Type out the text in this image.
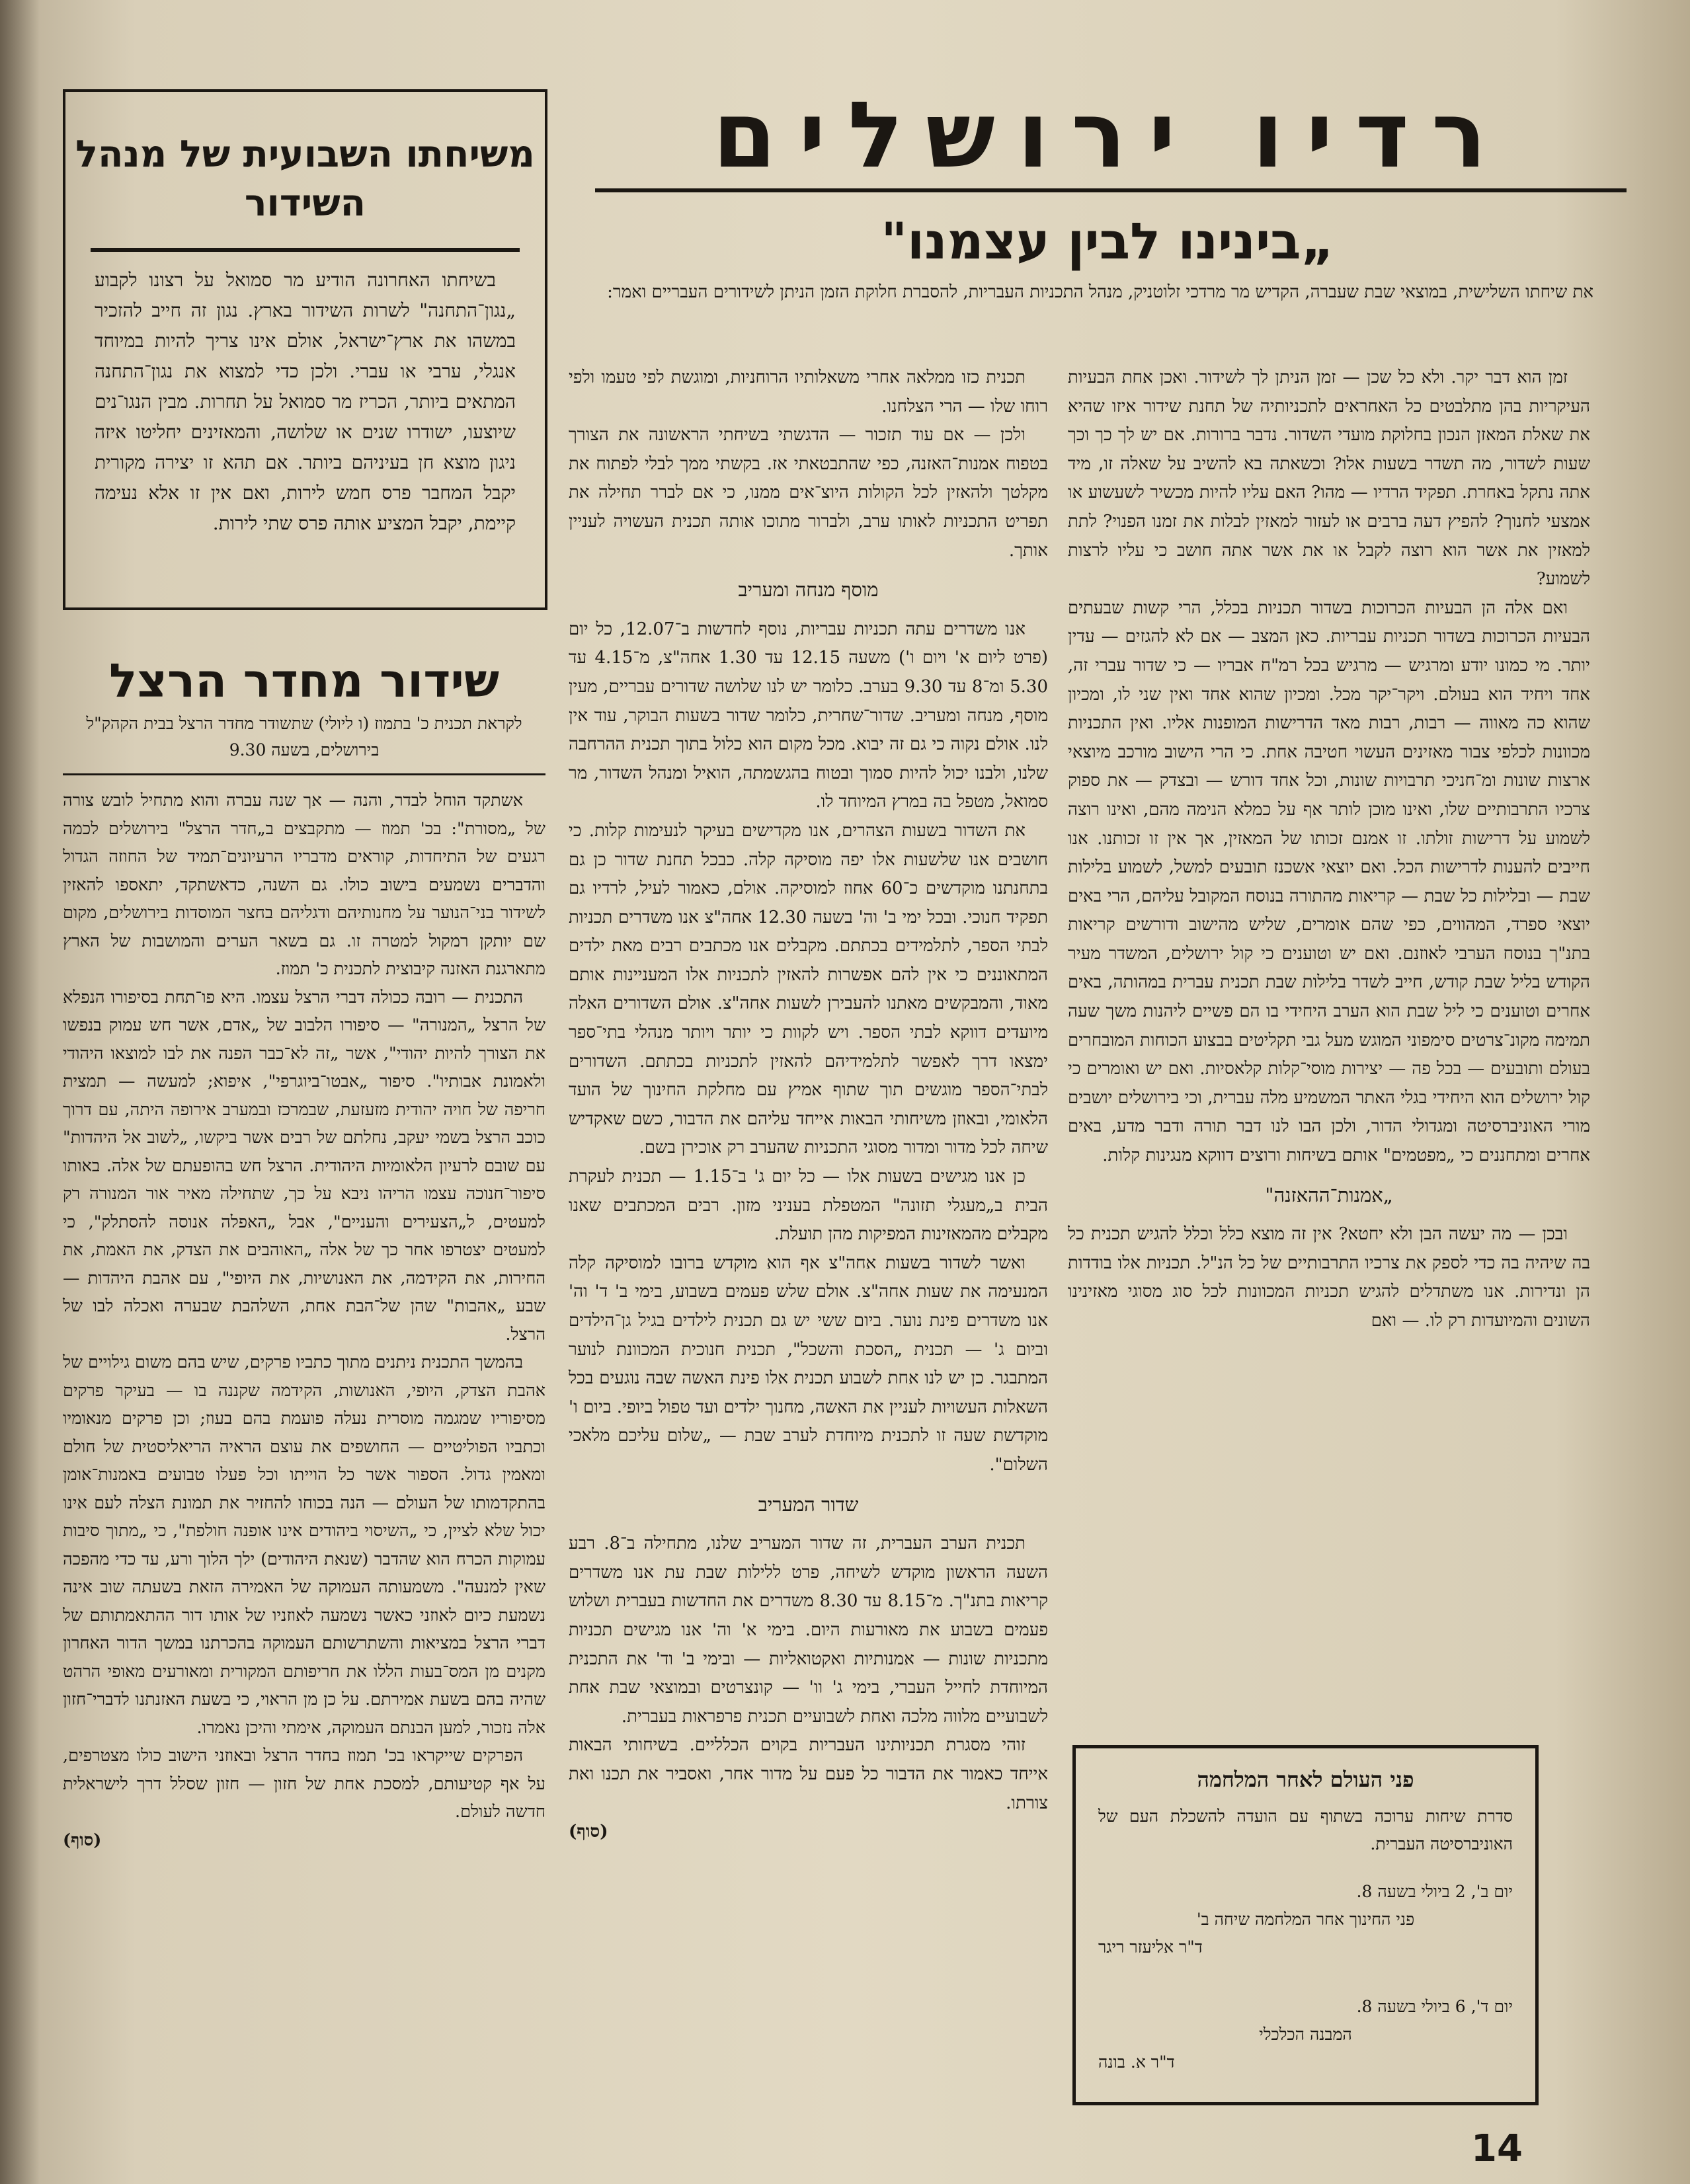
רדיו ירושלים
„בינינו לבין עצמנו"
את שיחתו השלישית, במוצאי שבת שעברה, הקדיש מר מרדכי זלוטניק, מנהל התכניות העבריות, להסברת חלוקת הזמן הניתן לשידורים העבריים ואמר:

זמן הוא דבר יקר. ולא כל שכן — זמן הניתן לך לשידור. ואכן אחת הבעיות העיקריות בהן מתלבטים כל האחראים לתכניותיה של תחנת שידור איזו שהיא את שאלת המאזן הנכון בחלוקת מועדי השדור. נדבר ברורות. אם יש לך כך וכך שעות לשדור, מה תשדר בשעות אלו? וכשאתה בא להשיב על שאלה זו, מיד אתה נתקל באחרת. תפקיד הרדיו — מהו? האם עליו להיות מכשיר לשעשוע או אמצעי לחנוך? להפיץ דעה ברבים או לעזור למאזין לבלות את זמנו הפנוי? לתת למאזין את אשר הוא רוצה לקבל או את אשר אתה חושב כי עליו לרצות לשמוע?

ואם אלה הן הבעיות הכרוכות בשדור תכניות בכלל, הרי קשות שבעתים הבעיות הכרוכות בשדור תכניות עבריות. כאן המצב — אם לא להגזים — עדין יותר. מי כמונו יודע ומרגיש — מרגיש בכל רמ"ח אבריו — כי שדור עברי זה, אחד ויחיד הוא בעולם. ויקר־יקר מכל. ומכיון שהוא אחד ואין שני לו, ומכיון שהוא כה מאווה — רבות, רבות מאד הדרישות המופנות אליו. ואין התכניות מכוונות לכלפי צבור מאזינים העשוי חטיבה אחת. כי הרי הישוב מורכב מיוצאי ארצות שונות ומ־חניכי תרבויות שונות, וכל אחד דורש — ובצדק — את ספוק צרכיו התרבותיים שלו, ואינו מוכן לותר אף על כמלא הנימה מהם, ואינו רוצה לשמוע על דרישות זולתו. זו אמנם זכותו של המאזין, אך אין זו זכותנו. אנו חייבים להענות לדרישות הכל. ואם יוצאי אשכנז תובעים למשל, לשמוע בלילות שבת — ובלילות כל שבת — קריאות מהתורה בנוסח המקובל עליהם, הרי באים יוצאי ספרד, המהווים, כפי שהם אומרים, שליש מהישוב ודורשים קריאות בתנ"ך בנוסח הערבי לאוזנם. ואם יש וטוענים כי קול ירושלים, המשדר מעיר הקודש בליל שבת קודש, חייב לשדר בלילות שבת תכנית עברית במהותה, באים אחרים וטוענים כי ליל שבת הוא הערב היחידי בו הם פשיים ליהנות משך שעה תמימה מקונ־צרטים סימפוני המוגש מעל גבי תקליטים בבצוע הכוחות המובחרים בעולם ותובעים — בכל פה — יצירות מוסי־קלות קלאסיות. ואם יש ואומרים כי קול ירושלים הוא היחידי בגלי האתר המשמיע מלה עברית, וכי בירושלים יושבים מורי האוניברסיטה ומגדולי הדור, ולכן הבו לנו דבר תורה ודבר מדע, באים אחרים ומתחננים כי „מפטמים" אותם בשיחות ורוצים דווקא מנגינות קלות.

„אמנות־ההאזנה"

ובכן — מה יעשה הבן ולא יחטא? אין זה מוצא כלל וכלל להגיש תכנית כל בה שיהיה בה כדי לספק את צרכיו התרבותיים של כל הנ"ל. תכניות אלו בודדות הן ונדירות. אנו משתדלים להגיש תכניות המכוונות לכל סוג מסוגי מאזינינו השונים והמיועדות רק לו. — ואם

תכנית כזו ממלאה אחרי משאלותיו הרוחניות, ומוגשת לפי טעמו ולפי רוחו שלו — הרי הצלחנו.

ולכן — אם עוד תזכור — הדגשתי בשיחתי הראשונה את הצורך בטפוח אמנות־האזנה, כפי שהתבטאתי אז. בקשתי ממך לבלי לפתוח את מקלטך ולהאזין לכל הקולות היוצ־אים ממנו, כי אם לברר תחילה את תפריט התכניות לאותו ערב, ולברור מתוכו אותה תכנית העשויה לעניין אותך.

מוסף מנחה ומעריב

אנו משדרים עתה תכניות עבריות, נוסף לחדשות ב־12.07, כל יום (פרט ליום א' ויום ו') משעה 12.15 עד 1.30 אחה"צ, מ־4.15 עד 5.30 ומ־8 עד 9.30 בערב. כלומר יש לנו שלושה שדורים עבריים, מעין מוסף, מנחה ומעריב. שדור־שחרית, כלומר שדור בשעות הבוקר, עוד אין לנו. אולם נקוה כי גם זה יבוא. מכל מקום הוא כלול בתוך תכנית ההרחבה שלנו, ולבנו יכול להיות סמוך ובטוח בהגשמתה, הואיל ומנהל השדור, מר סמואל, מטפל בה במרץ המיוחד לו.

את השדור בשעות הצהרים, אנו מקדישים בעיקר לנעימות קלות. כי חושבים אנו שלשעות אלו יפה מוסיקה קלה. כבכל תחנת שדור כן גם בתחנתנו מוקדשים כ־60 אחוז למוסיקה. אולם, כאמור לעיל, לרדיו גם תפקיד חנוכי. ובכל ימי ב' וה' בשעה 12.30 אחה"צ אנו משדרים תכניות לבתי הספר, לתלמידים בכתתם. מקבלים אנו מכתבים רבים מאת ילדים המתאוננים כי אין להם אפשרות להאזין לתכניות אלו המעניינות אותם מאוד, והמבקשים מאתנו להעבירן לשעות אחה"צ. אולם השדורים האלה מיועדים דווקא לבתי הספר. ויש לקוות כי יותר ויותר מנהלי בתי־ספר ימצאו דרך לאפשר לתלמידיהם להאזין לתכניות בכתתם. השדורים לבתי־הספר מוגשים תוך שתוף אמיץ עם מחלקת החינוך של הועד הלאומי, ובאוזן משיחותי הבאות אייחד עליהם את הדבור, כשם שאקדיש שיחה לכל מדור ומדור מסוגי התכניות שהערב רק אוכירן בשם.

כן אנו מגישים בשעות אלו — כל יום ג' ב־1.15 — תכנית לעקרת הבית ב„מעגלי תזונה" המטפלת בעניני מזון. רבים המכתבים שאנו מקבלים מהמאזינות המפיקות מהן תועלת.

ואשר לשדור בשעות אחה"צ אף הוא מוקדש ברובו למוסיקה קלה המנעימה את שעות אחה"צ. אולם שלש פעמים בשבוע, בימי ב' ד' וה' אנו משדרים פינת נוער. ביום ששי יש גם תכנית לילדים בגיל גן־הילדים וביום ג' — תכנית „הסכת והשכל", תכנית חנוכית המכוונת לנוער המתבגר. כן יש לנו אחת לשבוע תכנית אלו פינת האשה שבה נוגעים בכל השאלות העשויות לעניין את האשה, מחנוך ילדים ועד טפול ביופי. ביום ו' מוקדשת שעה זו לתכנית מיוחדת לערב שבת — „שלום עליכם מלאכי השלום".

שדור המעריב

תכנית הערב העברית, זה שדור המעריב שלנו, מתחילה ב־8. רבע השעה הראשון מוקדש לשיחה, פרט ללילות שבת עת אנו משדרים קריאות בתנ"ך. מ־8.15 עד 8.30 משדרים את החדשות בעברית ושלוש פעמים בשבוע את מאורעות היום. בימי א' וה' אנו מגישים תכניות מתכניות שונות — אמנותיות ואקטואליות — ובימי ב' וד' את התכנית המיוחדת לחייל העברי, בימי ג' וו' — קונצרטים ובמוצאי שבת אחת לשבועיים מלווה מלכה ואחת לשבועיים תכנית פרפראות בעברית.

זוהי מסגרת תכניותינו העבריות בקוים הכלליים. בשיחותי הבאות אייחד כאמור את הדבור כל פעם על מדור אחר, ואסביר את תכנו ואת צורתו.

(סוף)

משיחתו השבועית של מנהל השידור
בשיחתו האחרונה הודיע מר סמואל על רצונו לקבוע „נגון־התחנה" לשרות השידור בארץ. נגון זה חייב להזכיר במשהו את ארץ־ישראל, אולם אינו צריך להיות במיוחד אנגלי, ערבי או עברי. ולכן כדי למצוא את נגון־התחנה המתאים ביותר, הכריז מר סמואל על תחרות. מבין הנגו־נים שיוצעו, ישודרו שנים או שלושה, והמאזינים יחליטו איזה ניגון מוצא חן בעיניהם ביותר. אם תהא זו יצירה מקורית יקבל המחבר פרס חמש לירות, ואם אין זו אלא נעימה קיימת, יקבל המציע אותה פרס שתי לירות.
שידור מחדר הרצל
לקראת תכנית כ' בתמוז (ו ליולי) שתשודר מחדר הרצל בבית הקהק"ל בירושלים, בשעה 9.30

אשתקד הוחל לבדר, והנה — אך שנה עברה והוא מתחיל לובש צורה של „מסורת": בכ' תמוז — מתקבצים ב„חדר הרצל" בירושלים לכמה רגעים של התיחדות, קוראים מדבריו הרעיונים־תמיד של החוזה הגדול והדברים נשמעים בישוב כולו. גם השנה, כדאשתקד, יתאספו להאזין לשידור בני־הנוער על מחנותיהם ודגליהם בחצר המוסדות בירושלים, מקום שם יותקן רמקול למטרה זו. גם בשאר הערים והמושבות של הארץ מתארגנת האזנה קיבוצית לתכנית כ' תמוז.

התכנית — רובה ככולה דברי הרצל עצמו. היא פו־תחת בסיפורו הנפלא של הרצל „המנורה" — סיפורו הלבוב של „אדם, אשר חש עמוק בנפשו את הצורך להיות יהודי", אשר „זה לא־כבר הפנה את לבו למוצאו היהודי ולאמונת אבותיו". סיפור „אבטו־ביוגרפי", איפוא; למעשה — תמצית חריפה של חויה יהודית מזעזעת, שבמרכז ובמערב אירופה היתה, עם דרוך כוכב הרצל בשמי יעקב, נחלתם של רבים אשר ביקשו, „לשוב אל היהדות" עם שובם לרעיון הלאומיות היהודית. הרצל חש בהופעתם של אלה. באותו סיפור־חנוכה עצמו הריהו ניבא על כך, שתחילה מאיר אור המנורה רק למעטים, ל„הצעירים והעניים", אבל „האפלה אנוסה להסתלק", כי למעטים יצטרפו אחר כך של אלה „האוהבים את הצדק, את האמת, את החירות, את הקידמה, את האנושיות, את היופי", עם אהבת היהדות — שבע „אהבות" שהן של־הבת אחת, השלהבת שבערה ואכלה לבו של הרצל.

בהמשך התכנית ניתנים מתוך כתביו פרקים, שיש בהם משום גילויים של אהבת הצדק, היופי, האנושות, הקידמה שקננה בו — בעיקר פרקים מסיפוריו שמגמה מוסרית נעלה פועמת בהם בעוז; וכן פרקים מנאומיו וכתביו הפוליטיים — החושפים את עוצם הראיה הריאליסטית של חולם ומאמין גדול. הספור אשר כל הוייתו וכל פעלו טבועים באמנות־אומן בהתקדמותו של העולם — הנה בכוחו להחזיר את תמונת הצלה לעם אינו יכול שלא לציין, כי „השיסוי ביהודים אינו אופנה חולפת", כי „מתוך סיבות עמוקות הכרח הוא שהדבר (שנאת היהודים) ילך הלוך ורע, עד כדי מהפכה שאין למנעה". משמעותה העמוקה של האמירה הזאת בשעתה שוב אינה נשמעת כיום לאוזני כאשר נשמעה לאוזניו של אותו דור ההתאמתותם של דברי הרצל במציאות והשתרשותם העמוקה בהכרתנו במשך הדור האחרון מקנים מן המס־בעות הללו את חריפותם המקורית ומאורעים מאופי הרהט שהיה בהם בשעת אמירתם. על כן מן הראוי, כי בשעת האזנתנו לדברי־חזון אלה נזכור, למען הבנתם העמוקה, אימתי והיכן נאמרו.

הפרקים שייקראו בכ' תמוז בחדר הרצל ובאוזני הישוב כולו מצטרפים, על אף קטיעותם, למסכת אחת של חזון — חזון שסלל דרך לישראלית חדשה לעולם.

(סוף)

פני העולם לאחר המלחמה
סדרת שיחות ערוכה בשתוף עם הועדה להשכלת העם של האוניברסיטה העברית.
יום ב', 2 ביולי בשעה 8.
פני החינוך אחר המלחמה שיחה ב'
ד"ר אליעזר ריגר
יום ד', 6 ביולי בשעה 8.
המבנה הכלכלי
ד"ר א. בונה
14
